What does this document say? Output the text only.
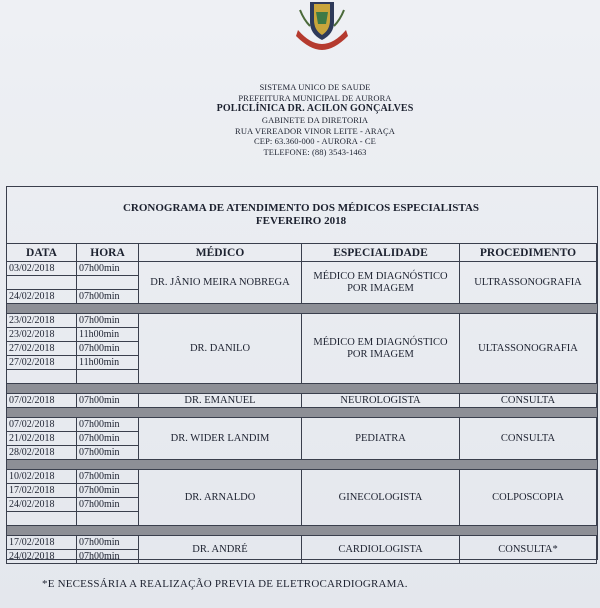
SISTEMA UNICO DE SAUDE
PREFEITURA MUNICIPAL DE AURORA
POLICLÍNICA DR. ACILON GONÇALVES
GABINETE DA DIRETORIA
RUA VEREADOR VINOR LEITE - ARAÇA
CEP: 63.360-000 - AURORA - CE
TELEFONE: (88) 3543-1463
CRONOGRAMA DE ATENDIMENTO DOS MÉDICOS ESPECIALISTAS
FEVEREIRO 2018
DATA	HORA	MÉDICO	ESPECIALIDADE	PROCEDIMENTO
03/02/2018	07h00min	DR. JÂNIO MEIRA NOBREGA	MÉDICO EM DIAGNÓSTICO POR IMAGEM	ULTRASSONOGRAFIA

24/02/2018	07h00min			

23/02/2018	07h00min	DR. DANILO	MÉDICO EM DIAGNÓSTICO POR IMAGEM	ULTASSONOGRAFIA
23/02/2018	11h00min			
27/02/2018	07h00min			
27/02/2018	11h00min			

07/02/2018	07h00min	DR. EMANUEL	NEUROLOGISTA	CONSULTA

07/02/2018	07h00min	DR. WIDER LANDIM	PEDIATRA	CONSULTA
21/02/2018	07h00min			
28/02/2018	07h00min			

10/02/2018	07h00min	DR. ARNALDO	GINECOLOGISTA	COLPOSCOPIA
17/02/2018	07h00min			
24/02/2018	07h00min			

17/02/2018	07h00min	DR. ANDRÉ	CARDIOLOGISTA	CONSULTA*
24/02/2018	07h00min			
*E NECESSÁRIA A REALIZAÇÃO PREVIA DE ELETROCARDIOGRAMA.
